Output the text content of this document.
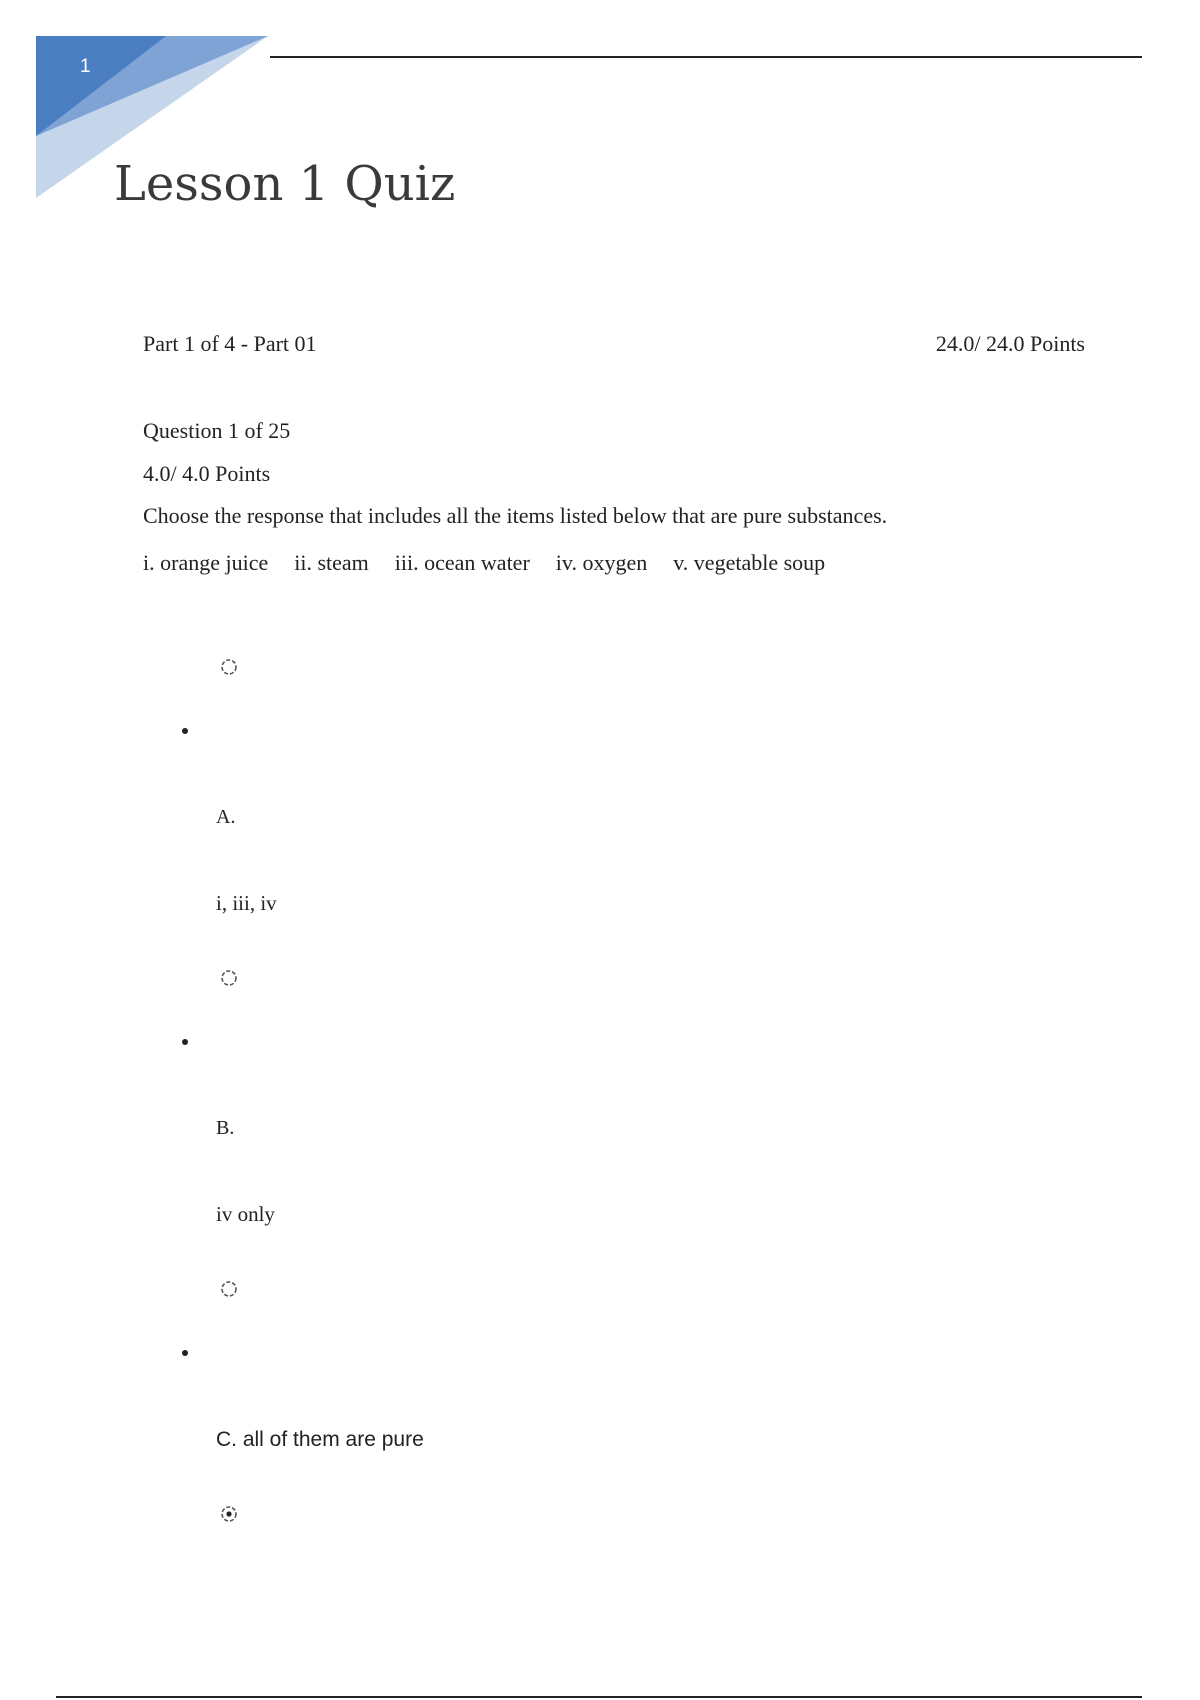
1
Lesson 1 Quiz
Part 1 of 4 - Part 01	24.0/ 24.0 Points
Question 1 of 25
4.0/ 4.0 Points
Choose the response that includes all the items listed below that are pure substances.
i. orange juice ii. steam iii. ocean water iv. oxygen v. vegetable soup
A.
i, iii, iv
B.
iv only
C. all of them are pure
